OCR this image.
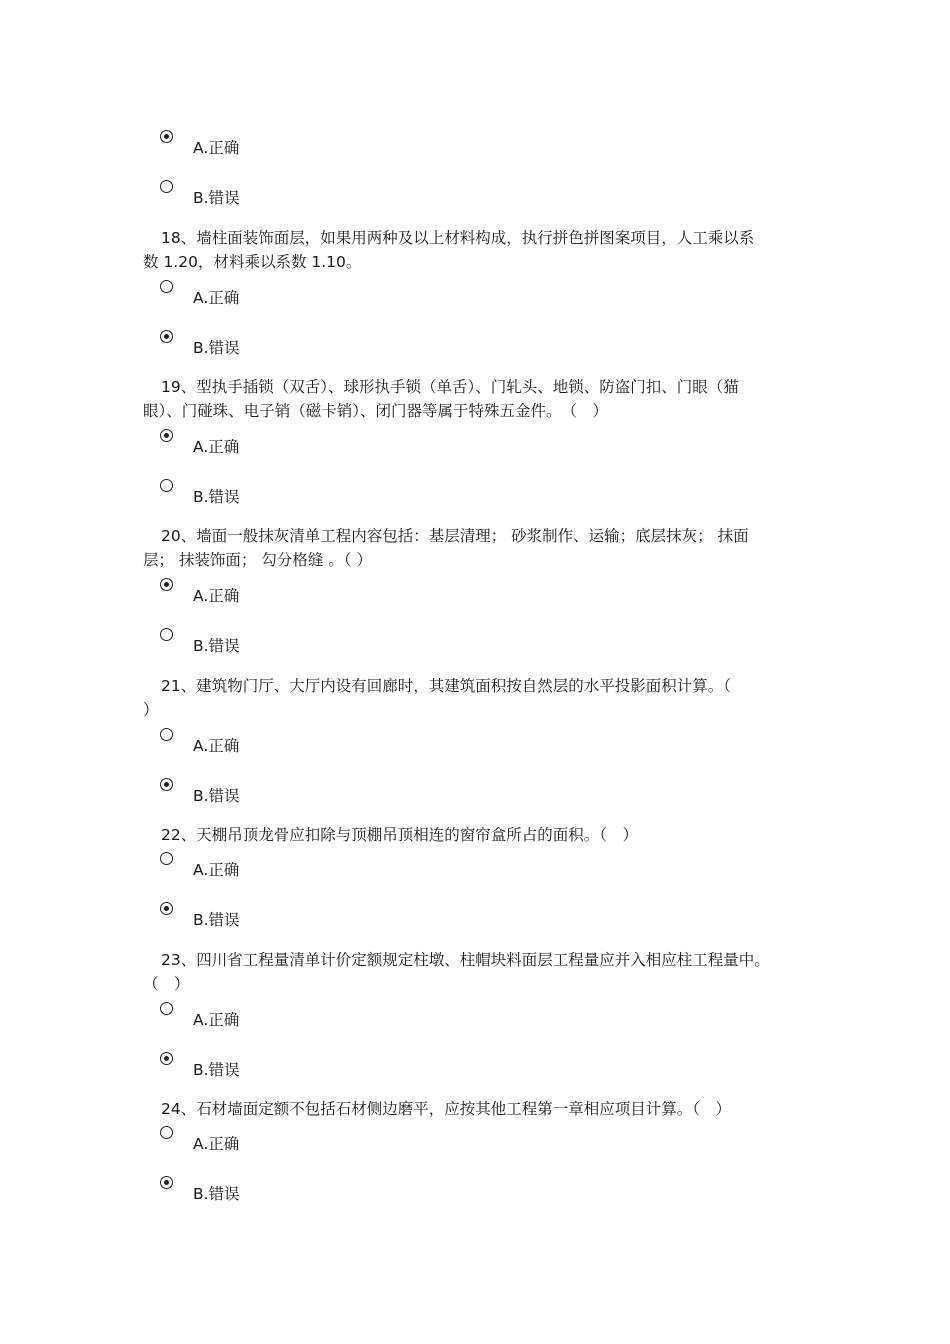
A.正确
B.错误
18、墙柱面装饰面层，如果用两种及以上材料构成，执行拼色拼图案项目，人工乘以系
数 1.20，材料乘以系数 1.10。
A.正确
B.错误
19、型执手插锁（双舌）、球形执手锁（单舌）、门轧头、地锁、防盗门扣、门眼（猫
眼）、门碰珠、电子销（磁卡销）、闭门器等属于特殊五金件。　（　）
A.正确
B.错误
20、墙面一般抹灰清单工程内容包括：基层清理； 砂浆制作、运输；底层抹灰； 抹面
层； 抹装饰面； 勾分格缝 。（ ）
A.正确
B.错误
21、建筑物门厅、大厅内设有回廊时，其建筑面积按自然层的水平投影面积计算。（
）
A.正确
B.错误
22、天棚吊顶龙骨应扣除与顶棚吊顶相连的窗帘盒所占的面积。（　）
A.正确
B.错误
23、四川省工程量清单计价定额规定柱墩、柱帽块料面层工程量应并入相应柱工程量中。
（　）
A.正确
B.错误
24、石材墙面定额不包括石材侧边磨平，应按其他工程第一章相应项目计算。（　）
A.正确
B.错误
